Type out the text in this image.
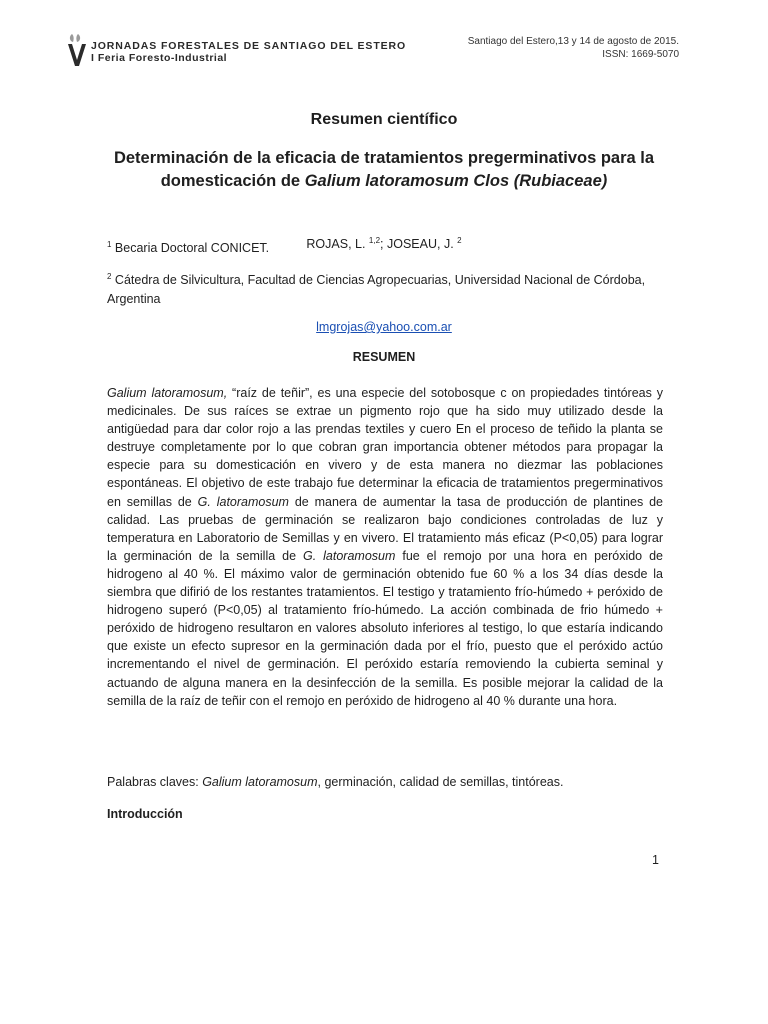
JORNADAS FORESTALES DE SANTIAGO DEL ESTERO
I Feria Foresto-Industrial
Santiago del Estero,13 y 14 de agosto de 2015.
ISSN: 1669-5070
Resumen científico
Determinación de la eficacia de tratamientos pregerminativos para la domesticación de Galium latoramosum Clos (Rubiaceae)
ROJAS, L. $^{1,2}$; JOSEAU, J. $^2$
$^1$ Becaria Doctoral CONICET.
$^2$ Cátedra de Silvicultura, Facultad de Ciencias Agropecuarias, Universidad Nacional de Córdoba, Argentina
lmgrojas@yahoo.com.ar
RESUMEN

Galium latoramosum, “raíz de teñir”, es una especie del sotobosque c on propiedades tintóreas y medicinales. De sus raíces se extrae un pigmento rojo que ha sido muy utilizado desde la antigüedad para dar color rojo a las prendas textiles y cuero En el proceso de teñido la planta se destruye completamente por lo que cobran gran importancia obtener métodos para propagar la especie para su domesticación en vivero y de esta manera no diezmar las poblaciones espontáneas. El objetivo de este trabajo fue determinar la eficacia de tratamientos pregerminativos en semillas de G. latoramosum de manera de aumentar la tasa de producción de plantines de calidad. Las pruebas de germinación se realizaron bajo condiciones controladas de luz y temperatura en Laboratorio de Semillas y en vivero. El tratamiento más eficaz (P<0,05) para lograr la germinación de la semilla de G. latoramosum fue el remojo por una hora en peróxido de hidrogeno al 40 %. El máximo valor de germinación obtenido fue 60 % a los 34 días desde la siembra que difirió de los restantes tratamientos. El testigo y tratamiento frío-húmedo + peróxido de hidrogeno superó (P<0,05) al tratamiento frío-húmedo. La acción combinada de frio húmedo + peróxido de hidrogeno resultaron en valores absoluto inferiores al testigo, lo que estaría indicando que existe un efecto supresor en la germinación dada por el frío, puesto que el peróxido actúo incrementando el nivel de germinación. El peróxido estaría removiendo la cubierta seminal y actuando de alguna manera en la desinfección de la semilla. Es posible mejorar la calidad de la semilla de la raíz de teñir con el remojo en peróxido de hidrogeno al 40 % durante una hora.

Palabras claves: Galium latoramosum, germinación, calidad de semillas, tintóreas.
Introducción
1
